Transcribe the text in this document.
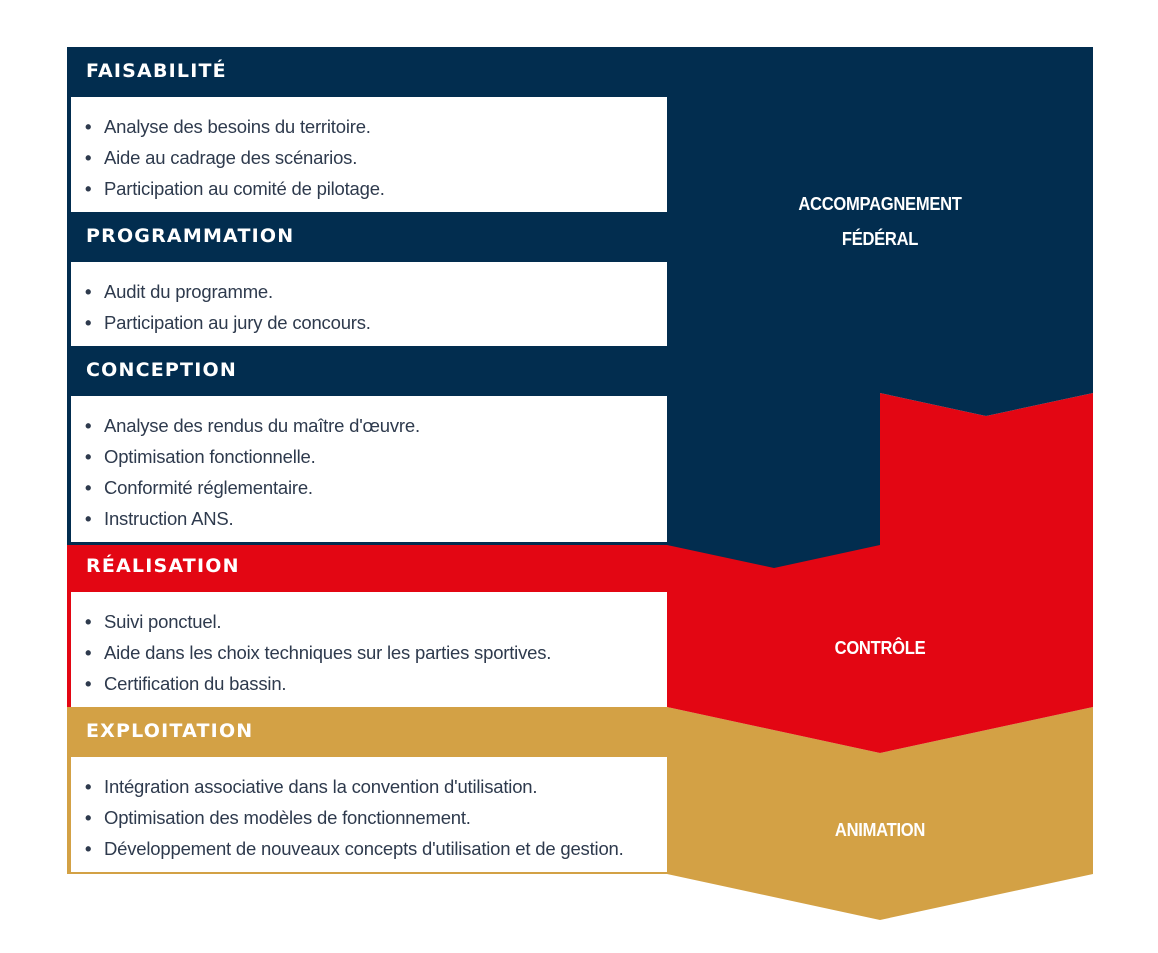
FAISABILITÉ
• Analyse des besoins du territoire.
• Aide au cadrage des scénarios.
• Participation au comité de pilotage.
PROGRAMMATION
• Audit du programme.
• Participation au jury de concours.
CONCEPTION
• Analyse des rendus du maître d'œuvre.
• Optimisation fonctionnelle.
• Conformité réglementaire.
• Instruction ANS.
RÉALISATION
• Suivi ponctuel.
• Aide dans les choix techniques sur les parties sportives.
• Certification du bassin.
EXPLOITATION
• Intégration associative dans la convention d'utilisation.
• Optimisation des modèles de fonctionnement.
• Développement de nouveaux concepts d'utilisation et de gestion.
ACCOMPAGNEMENT
FÉDÉRAL
CONTRÔLE
ANIMATION
